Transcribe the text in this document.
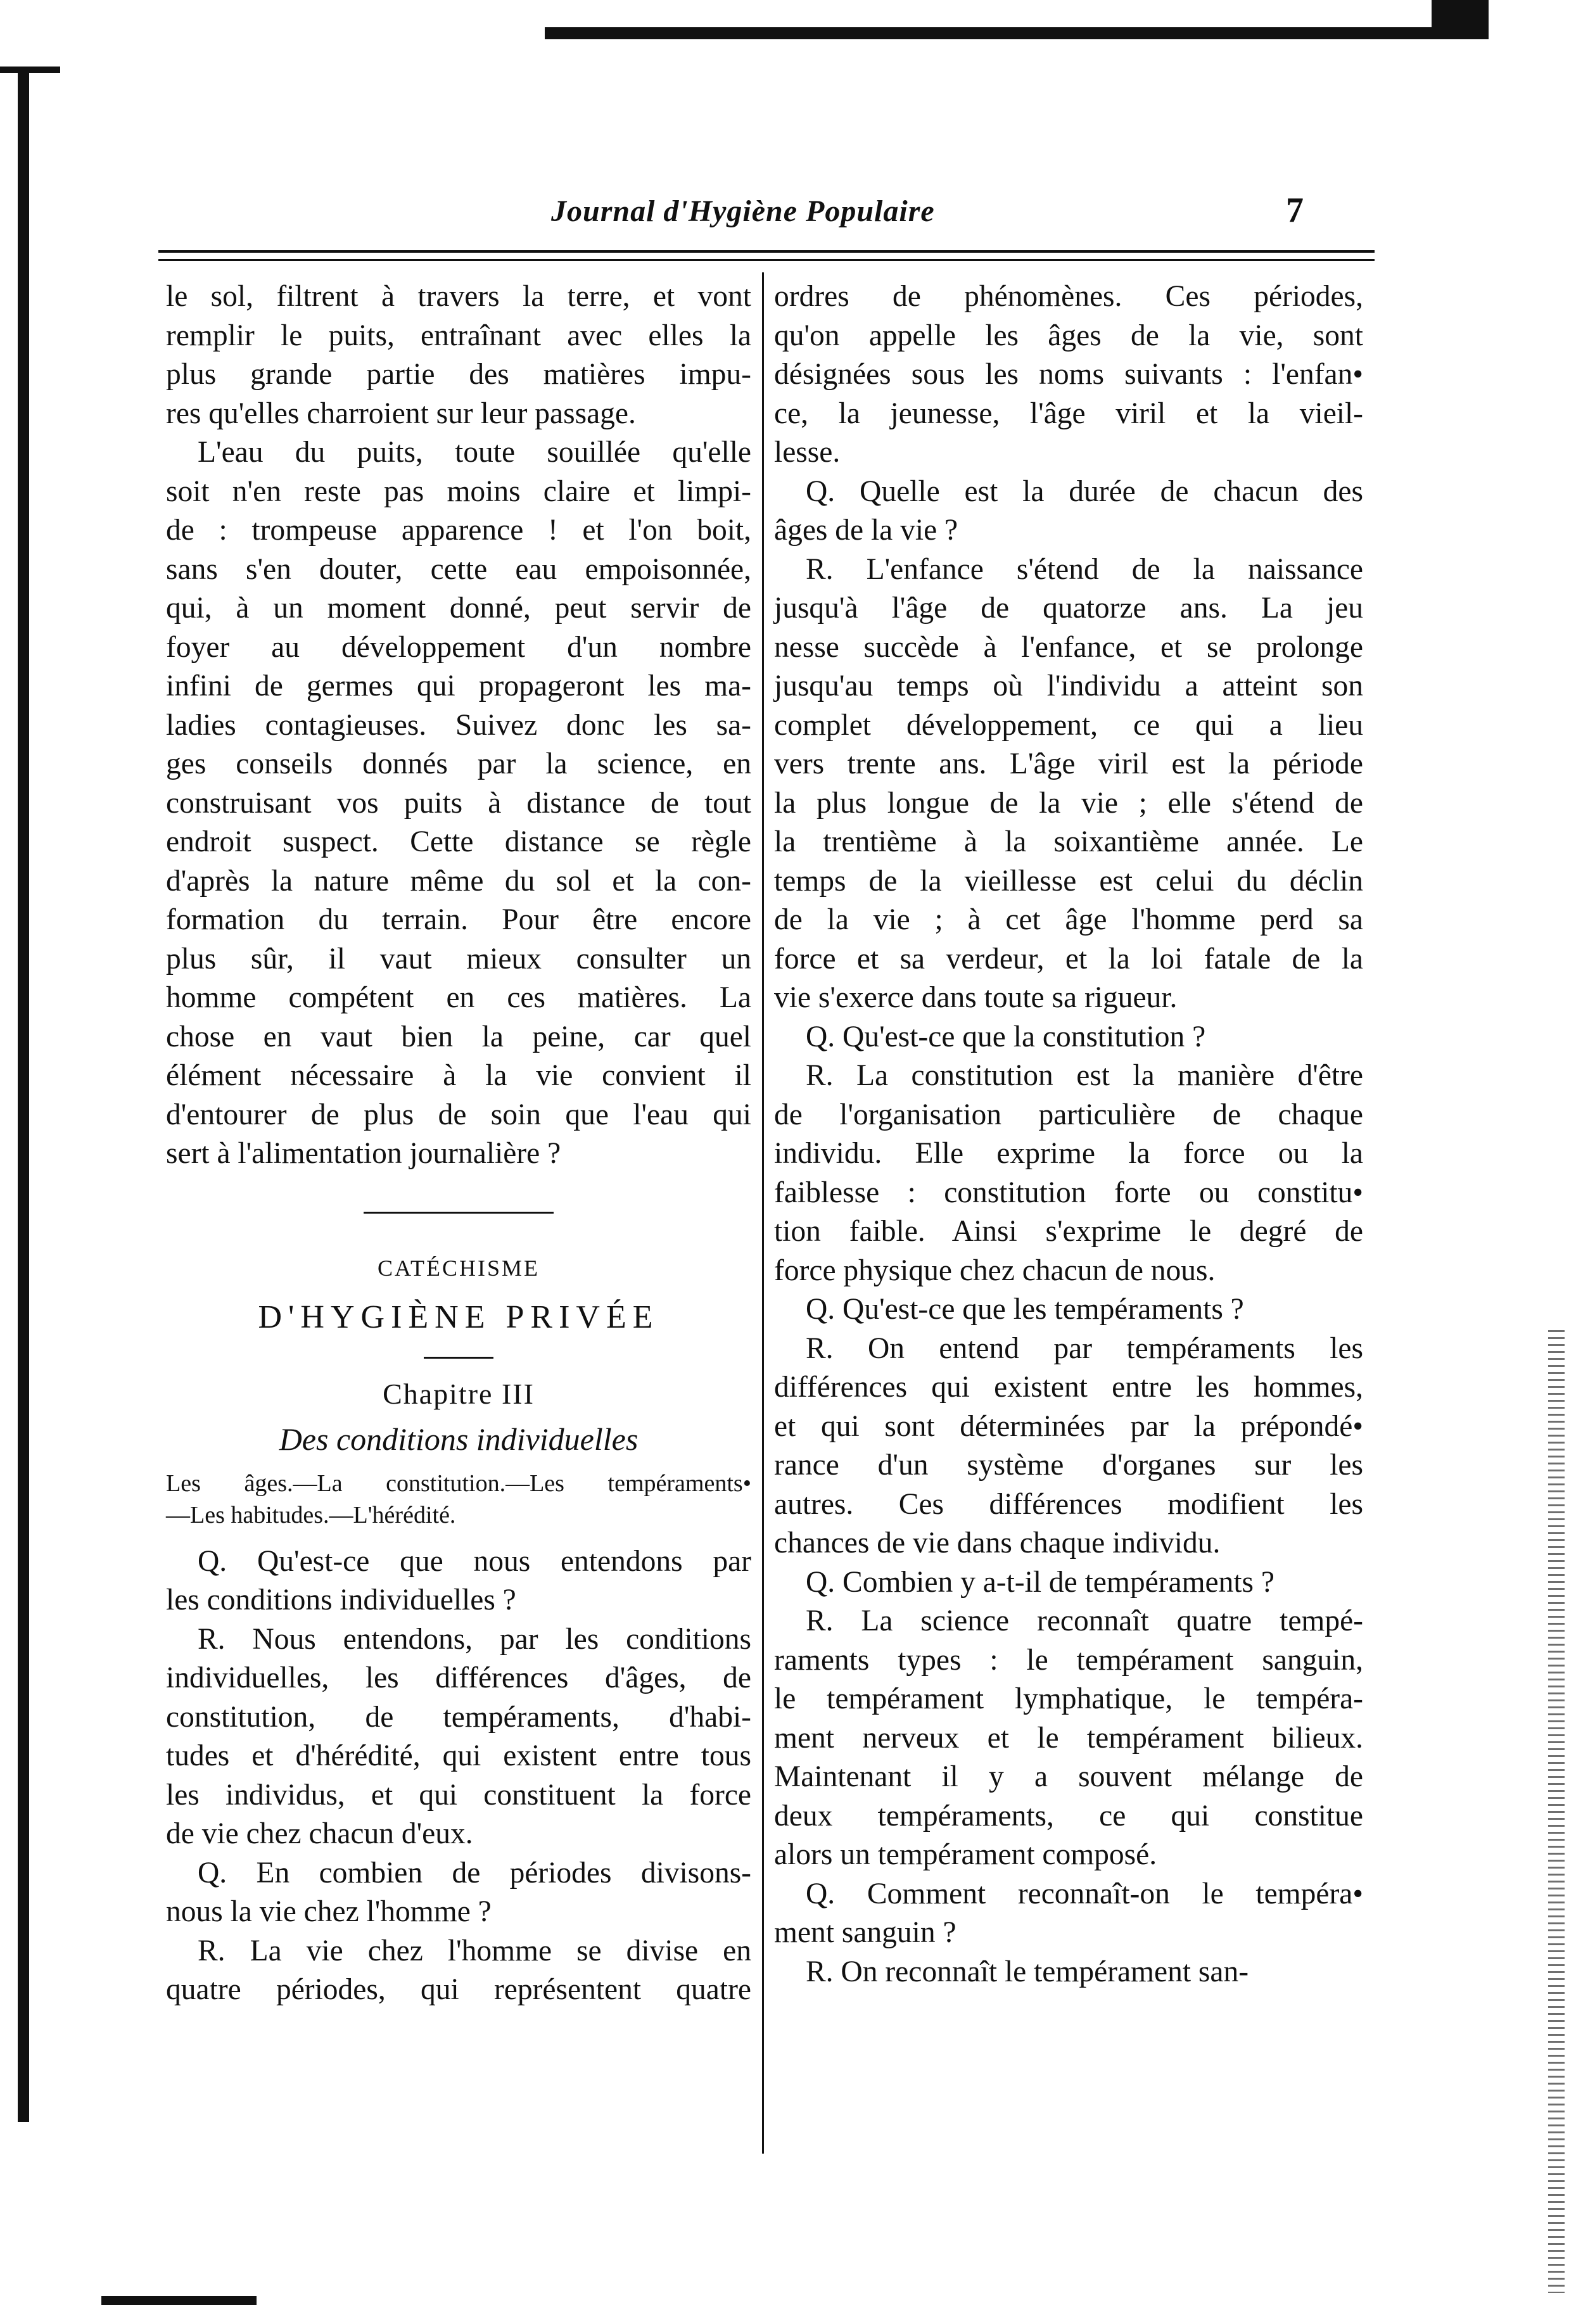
Journal d'Hygiène Populaire	7
le sol, filtrent à travers la terre, et vont
remplir le puits, entraînant avec elles la
plus grande partie des matières impu-
res qu'elles charroient sur leur passage.
L'eau du puits, toute souillée qu'elle
soit n'en reste pas moins claire et limpi-
de : trompeuse apparence ! et l'on boit,
sans s'en douter, cette eau empoisonnée,
qui, à un moment donné, peut servir de
foyer au développement d'un nombre
infini de germes qui propageront les ma-
ladies contagieuses. Suivez donc les sa-
ges conseils donnés par la science, en
construisant vos puits à distance de tout
endroit suspect. Cette distance se règle
d'après la nature même du sol et la con-
formation du terrain. Pour être encore
plus sûr, il vaut mieux consulter un
homme compétent en ces matières. La
chose en vaut bien la peine, car quel
élément nécessaire à la vie convient il
d'entourer de plus de soin que l'eau qui
sert à l'alimentation journalière ?
CATÉCHISME
D'HYGIÈNE PRIVÉE
Chapitre III
Des conditions individuelles
Les âges.—La constitution.—Les tempéraments•
—Les habitudes.—L'hérédité.
Q. Qu'est-ce que nous entendons par
les conditions individuelles ?
R. Nous entendons, par les conditions
individuelles, les différences d'âges, de
constitution, de tempéraments, d'habi-
tudes et d'hérédité, qui existent entre tous
les individus, et qui constituent la force
de vie chez chacun d'eux.
Q. En combien de périodes divisons-
nous la vie chez l'homme ?
R. La vie chez l'homme se divise en
quatre périodes, qui représentent quatre
ordres de phénomènes. Ces périodes,
qu'on appelle les âges de la vie, sont
désignées sous les noms suivants : l'enfan•
ce, la jeunesse, l'âge viril et la vieil-
lesse.
Q. Quelle est la durée de chacun des
âges de la vie ?
R. L'enfance s'étend de la naissance
jusqu'à l'âge de quatorze ans. La jeu
nesse succède à l'enfance, et se prolonge
jusqu'au temps où l'individu a atteint son
complet développement, ce qui a lieu
vers trente ans. L'âge viril est la période
la plus longue de la vie ; elle s'étend de
la trentième à la soixantième année. Le
temps de la vieillesse est celui du déclin
de la vie ; à cet âge l'homme perd sa
force et sa verdeur, et la loi fatale de la
vie s'exerce dans toute sa rigueur.
Q. Qu'est-ce que la constitution ?
R. La constitution est la manière d'être
de l'organisation particulière de chaque
individu. Elle exprime la force ou la
faiblesse : constitution forte ou constitu•
tion faible. Ainsi s'exprime le degré de
force physique chez chacun de nous.
Q. Qu'est-ce que les tempéraments ?
R. On entend par tempéraments les
différences qui existent entre les hommes,
et qui sont déterminées par la prépondé•
rance d'un système d'organes sur les
autres. Ces différences modifient les
chances de vie dans chaque individu.
Q. Combien y a-t-il de tempéraments ?
R. La science reconnaît quatre tempé-
raments types : le tempérament sanguin,
le tempérament lymphatique, le tempéra-
ment nerveux et le tempérament bilieux.
Maintenant il y a souvent mélange de
deux tempéraments, ce qui constitue
alors un tempérament composé.
Q. Comment reconnaît-on le tempéra•
ment sanguin ?
R. On reconnaît le tempérament san-
